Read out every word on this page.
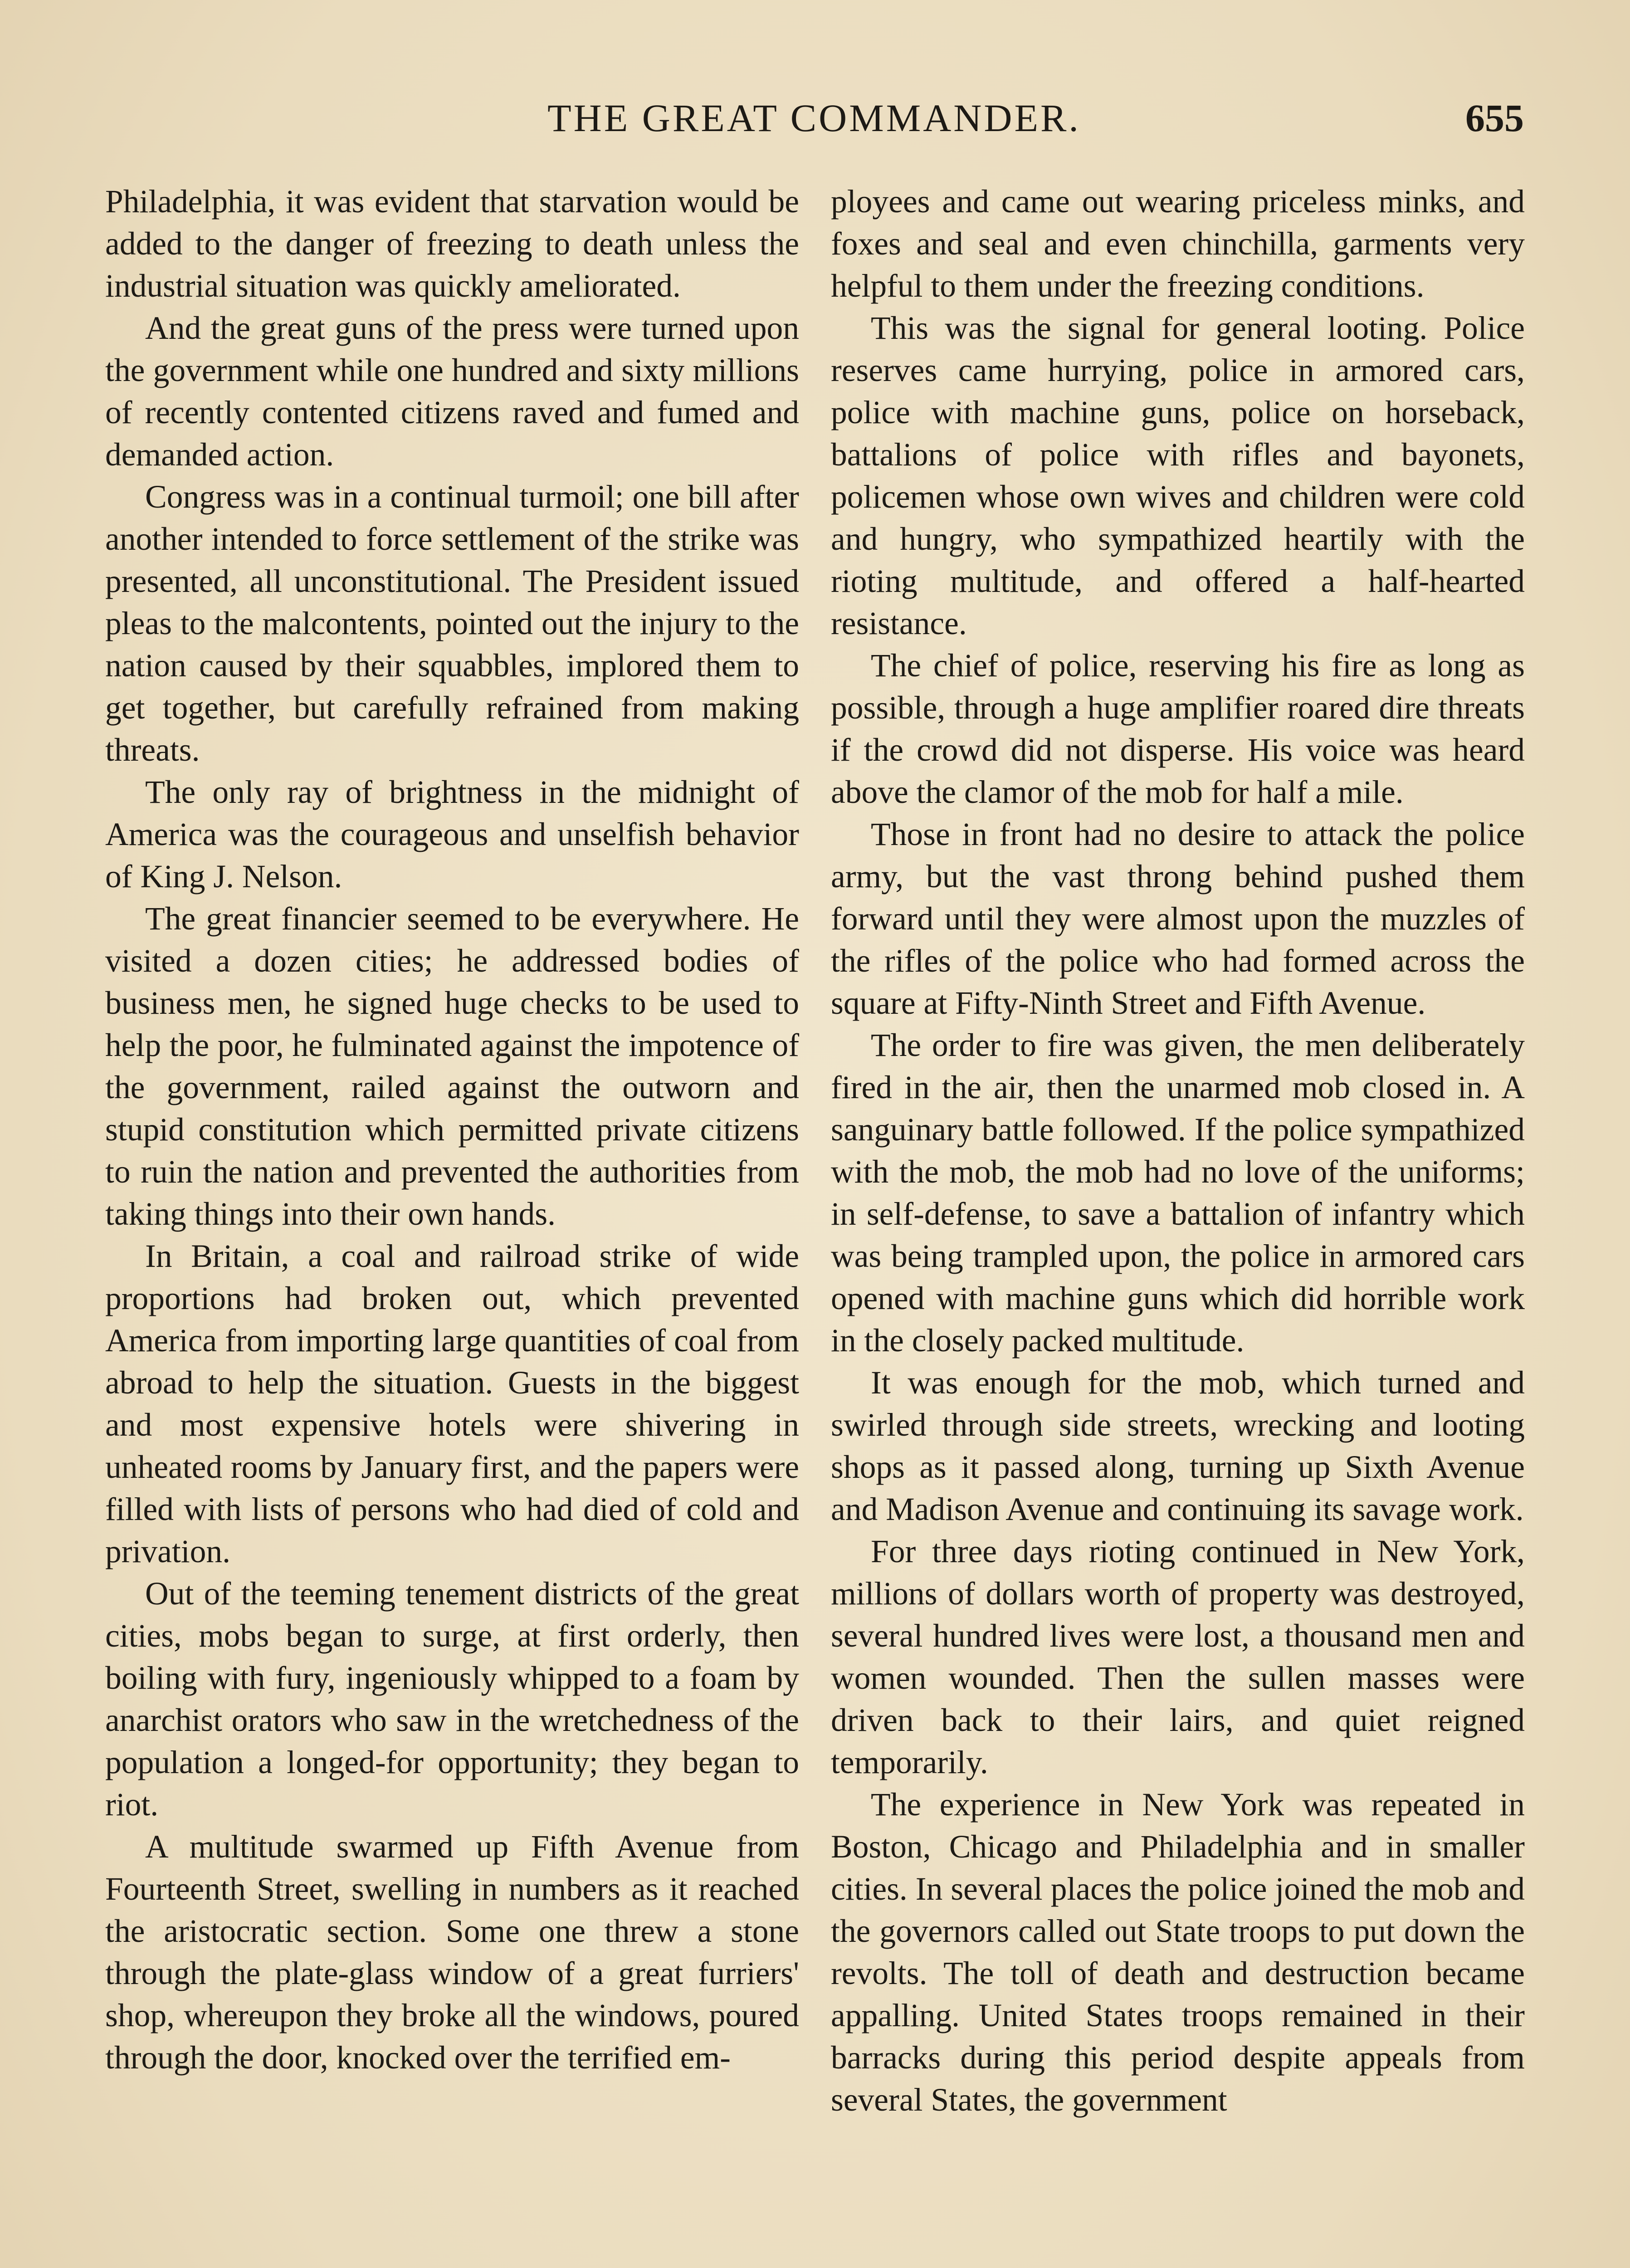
THE GREAT COMMANDER.	655

Philadelphia, it was evident that starvation would be added to the danger of freezing to death unless the industrial situation was quickly ameliorated.

And the great guns of the press were turned upon the government while one hundred and sixty millions of recently contented citizens raved and fumed and demanded action.

Congress was in a continual turmoil; one bill after another intended to force settlement of the strike was presented, all unconstitutional. The President issued pleas to the malcontents, pointed out the injury to the nation caused by their squabbles, implored them to get together, but carefully refrained from making threats.

The only ray of brightness in the midnight of America was the courageous and unselfish behavior of King J. Nelson.

The great financier seemed to be everywhere. He visited a dozen cities; he addressed bodies of business men, he signed huge checks to be used to help the poor, he fulminated against the impotence of the government, railed against the outworn and stupid constitution which permitted private citizens to ruin the nation and prevented the authorities from taking things into their own hands.

In Britain, a coal and railroad strike of wide proportions had broken out, which prevented America from importing large quantities of coal from abroad to help the situation. Guests in the biggest and most expensive hotels were shivering in unheated rooms by January first, and the papers were filled with lists of persons who had died of cold and privation.

Out of the teeming tenement districts of the great cities, mobs began to surge, at first orderly, then boiling with fury, ingeniously whipped to a foam by anarchist orators who saw in the wretchedness of the population a longed-for opportunity; they began to riot.

A multitude swarmed up Fifth Avenue from Fourteenth Street, swelling in numbers as it reached the aristocratic section. Some one threw a stone through the plate-glass window of a great furriers' shop, whereupon they broke all the windows, poured through the door, knocked over the terrified em-

ployees and came out wearing priceless minks, and foxes and seal and even chinchilla, garments very helpful to them under the freezing conditions.

This was the signal for general looting. Police reserves came hurrying, police in armored cars, police with machine guns, police on horseback, battalions of police with rifles and bayonets, policemen whose own wives and children were cold and hungry, who sympathized heartily with the rioting multitude, and offered a half-hearted resistance.

The chief of police, reserving his fire as long as possible, through a huge amplifier roared dire threats if the crowd did not disperse. His voice was heard above the clamor of the mob for half a mile.

Those in front had no desire to attack the police army, but the vast throng behind pushed them forward until they were almost upon the muzzles of the rifles of the police who had formed across the square at Fifty-Ninth Street and Fifth Avenue.

The order to fire was given, the men deliberately fired in the air, then the unarmed mob closed in. A sanguinary battle followed. If the police sympathized with the mob, the mob had no love of the uniforms; in self-defense, to save a battalion of infantry which was being trampled upon, the police in armored cars opened with machine guns which did horrible work in the closely packed multitude.

It was enough for the mob, which turned and swirled through side streets, wrecking and looting shops as it passed along, turning up Sixth Avenue and Madison Avenue and continuing its savage work.

For three days rioting continued in New York, millions of dollars worth of property was destroyed, several hundred lives were lost, a thousand men and women wounded. Then the sullen masses were driven back to their lairs, and quiet reigned temporarily.

The experience in New York was repeated in Boston, Chicago and Philadelphia and in smaller cities. In several places the police joined the mob and the governors called out State troops to put down the revolts. The toll of death and destruction became appalling. United States troops remained in their barracks during this period despite appeals from several States, the government
